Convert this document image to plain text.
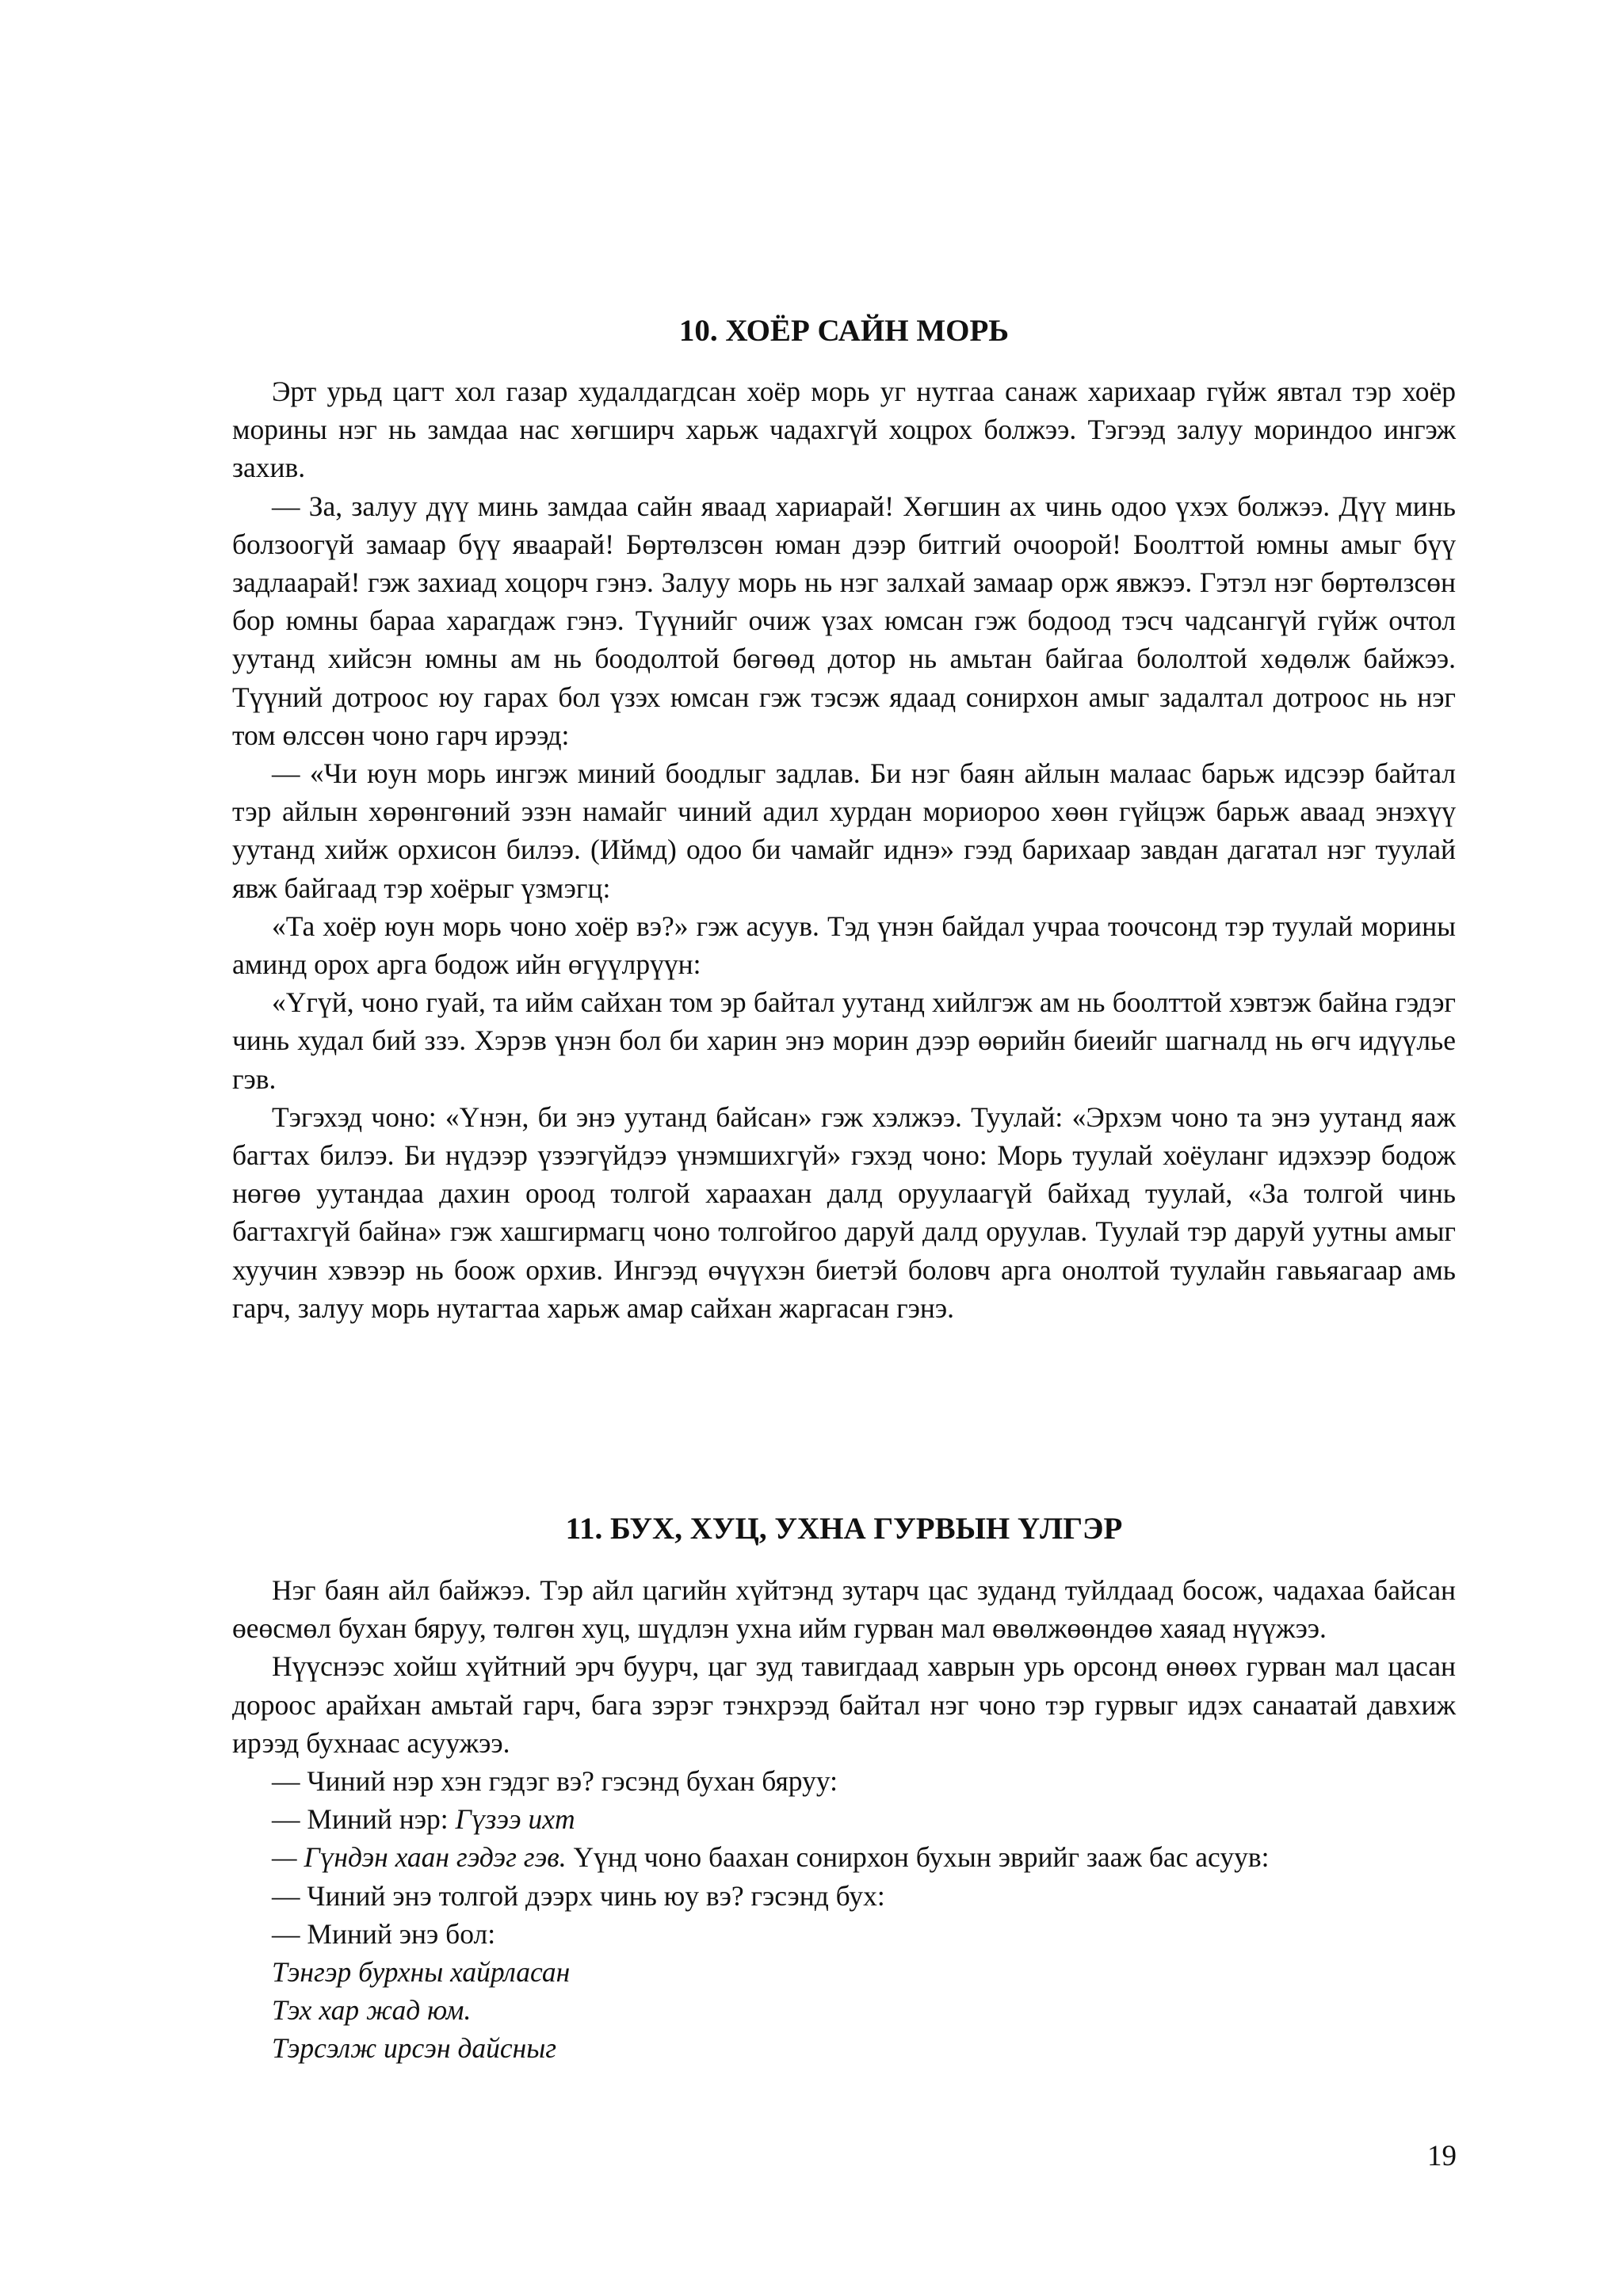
10. ХОЁР САЙН МОРЬ

Эрт урьд цагт хол газар худалдагдсан хоёр морь уг нутгаа санаж харихаар гүйж явтал тэр хоёр морины нэг нь замдаа нас хөгширч харьж чадахгүй хоцрох болжээ. Тэгээд залуу мориндоо ингэж захив.

— За, залуу дүү минь замдаа сайн яваад хариарай! Хөгшин ах чинь одоо үхэх болжээ. Дүү минь болзоогүй замаар бүү яваарай! Бөртөлзсөн юман дээр битгий очоорой! Боолттой юмны амыг бүү задлаарай! гэж захиад хоцорч гэнэ. Залуу морь нь нэг залхай замаар орж явжээ. Гэтэл нэг бөртөлзсөн бор юмны бараа харагдаж гэнэ. Түүнийг очиж үзах юмсан гэж бодоод тэсч чадсангүй гүйж очтол уутанд хийсэн юмны ам нь боодолтой бөгөөд дотор нь амьтан байгаа бололтой хөдөлж байжээ. Түүний дотроос юу гарах бол үзэх юмсан гэж тэсэж ядаад сонирхон амыг задалтал дотроос нь нэг том өлссөн чоно гарч ирээд:

— «Чи юун морь ингэж миний боодлыг задлав. Би нэг баян айлын малаас барьж идсээр байтал тэр айлын хөрөнгөний эзэн намайг чиний адил хурдан мориороо хөөн гүйцэж барьж аваад энэхүү уутанд хийж орхисон билээ. (Иймд) одоо би чамайг иднэ» гээд барихаар завдан дагатал нэг туулай явж байгаад тэр хоёрыг үзмэгц:

«Та хоёр юун морь чоно хоёр вэ?» гэж асуув. Тэд үнэн байдал учраа тоочсонд тэр туулай морины аминд орох арга бодож ийн өгүүлрүүн:

«Үгүй, чоно гуай, та ийм сайхан том эр байтал уутанд хийлгэж ам нь боолттой хэвтэж байна гэдэг чинь худал бий ззэ. Хэрэв үнэн бол би харин энэ морин дээр өөрийн биеийг шагналд нь өгч идүүлье гэв.

Тэгэхэд чоно: «Үнэн, би энэ уутанд байсан» гэж хэлжээ. Туулай: «Эрхэм чоно та энэ уутанд яаж багтах билээ. Би нүдээр үзээгүйдээ үнэмшихгүй» гэхэд чоно: Морь туулай хоёуланг идэхээр бодож нөгөө уутандаа дахин ороод толгой хараахан далд оруулаагүй байхад туулай, «За толгой чинь багтахгүй байна» гэж хашгирмагц чоно толгойгоо даруй далд оруулав. Туулай тэр даруй уутны амыг хуучин хэвээр нь боож орхив. Ингээд өчүүхэн биетэй боловч арга онолтой туулайн гавьяагаар амь гарч, залуу морь нутагтаа харьж амар сайхан жаргасан гэнэ.

11. БУХ, ХУЦ, УХНА ГУРВЫН ҮЛГЭР

Нэг баян айл байжээ. Тэр айл цагийн хүйтэнд зутарч цас зуданд туйлдаад босож, чадахаа байсан өеөсмөл бухан бяруу, төлгөн хуц, шүдлэн ухна ийм гурван мал өвөлжөөндөө хаяад нүүжээ.

Нүүснээс хойш хүйтний эрч буурч, цаг зуд тавигдаад хаврын урь орсонд өнөөх гурван мал цасан дороос арайхан амьтай гарч, бага зэрэг тэнхрээд байтал нэг чоно тэр гурвыг идэх санаатай давхиж ирээд бухнаас асуужээ.

— Чиний нэр хэн гэдэг вэ? гэсэнд бухан бяруу:

— Миний нэр: Гүзээ ихт

— Гүндэн хаан гэдэг гэв. Үүнд чоно баахан сонирхон бухын эврийг зааж бас асуув:

— Чиний энэ толгой дээрх чинь юу вэ? гэсэнд бух:

— Миний энэ бол:

Тэнгэр бурхны хайрласан

Тэх хар жад юм.

Тэрсэлж ирсэн дайсныг

19
